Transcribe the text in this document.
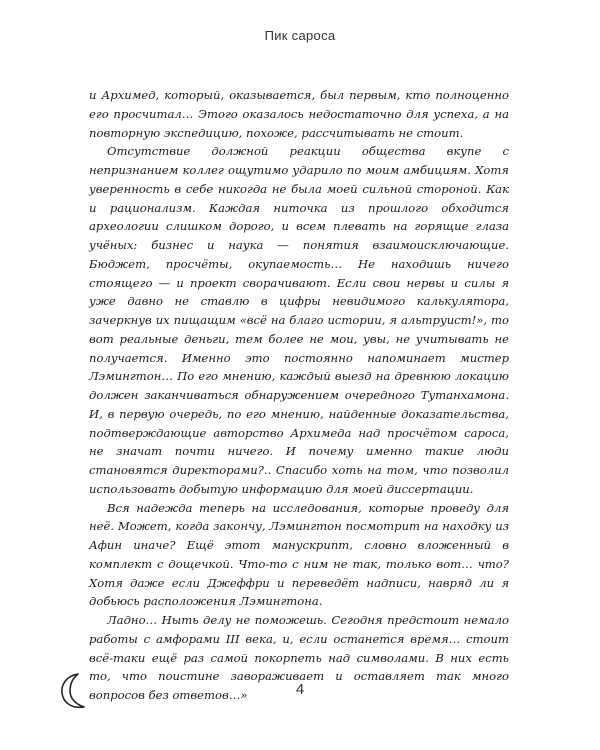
Пик сароса

и Архимед, который, оказывается, был первым, кто полноценно его просчитал… Этого оказалось недостаточно для успеха, а на повторную экспедицию, похоже, рассчитывать не стоит.

Отсутствие должной реакции общества вкупе с непризнанием коллег ощутимо ударило по моим амбициям. Хотя уверенность в себе никогда не была моей сильной стороной. Как и рационализм. Каждая ниточка из прошлого обходится археологии слишком дорого, и всем плевать на горящие глаза учёных: бизнес и наука — понятия взаимоисключающие. Бюджет, просчёты, окупаемость… Не находишь ничего стоящего — и проект сворачивают. Если свои нервы и силы я уже давно не ставлю в цифры невидимого калькулятора, зачеркнув их пищащим «всё на благо истории, я альтруист!», то вот реальные деньги, тем более не мои, увы, не учитывать не получается. Именно это постоянно напоминает мистер Лэмингтон… По его мнению, каждый выезд на древнюю локацию должен заканчиваться обнаружением очередного Тутанхамона. И, в первую очередь, по его мнению, найденные доказательства, подтверждающие авторство Архимеда над просчётом сароса, не значат почти ничего. И почему именно такие люди становятся директорами?.. Спасибо хоть на том, что позволил использовать добытую информацию для моей диссертации.

Вся надежда теперь на исследования, которые проведу для неё. Может, когда закончу, Лэмингтон посмотрит на находку из Афин иначе? Ещё этот манускрипт, словно вложенный в комплект с дощечкой. Что-то с ним не так, только вот… что? Хотя даже если Джеффри и переведёт надписи, навряд ли я добьюсь расположения Лэмингтона.

Ладно… Ныть делу не поможешь. Сегодня предстоит немало работы с амфорами III века, и, если останется время… стоит всё-таки ещё раз самой покорпеть над символами. В них есть то, что поистине завораживает и оставляет так много вопросов без ответов…»	4
